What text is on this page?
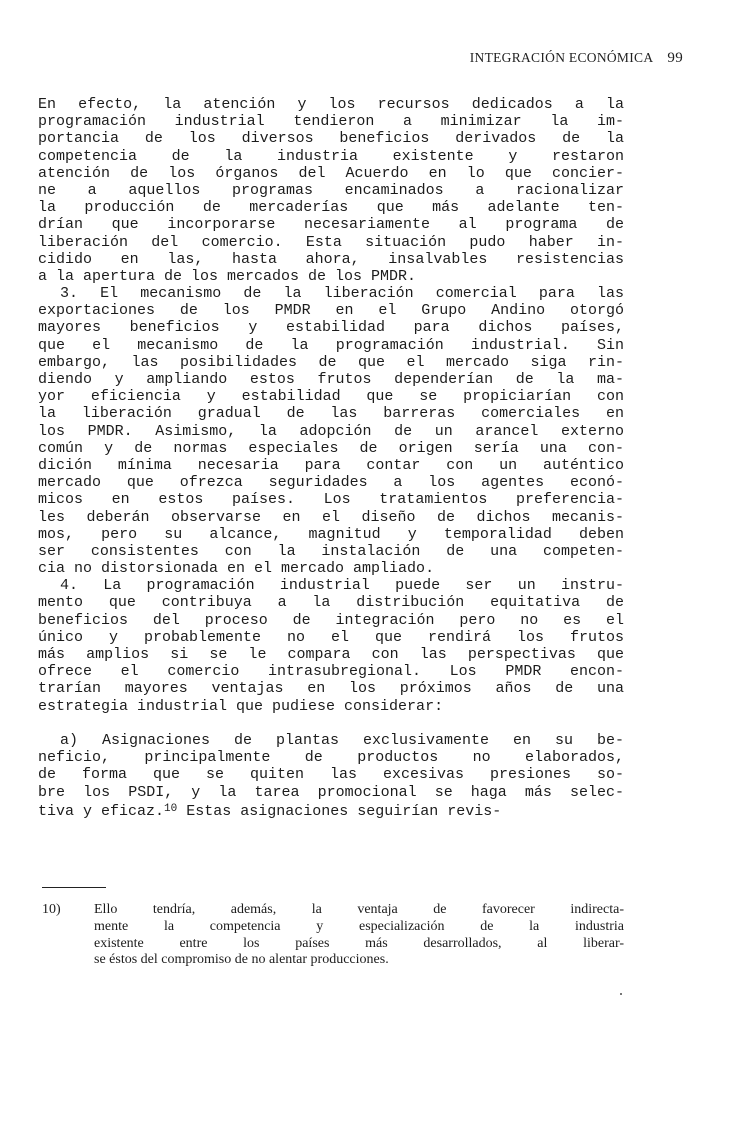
INTEGRACIÓN ECONÓMICA 99
En efecto, la atención y los recursos dedicados a la
programación industrial tendieron a minimizar la im-
portancia de los diversos beneficios derivados de la
competencia de la industria existente y restaron
atención de los órganos del Acuerdo en lo que concier-
ne a aquellos programas encaminados a racionalizar
la producción de mercaderías que más adelante ten-
drían que incorporarse necesariamente al programa de
liberación del comercio. Esta situación pudo haber in-
cidido en las, hasta ahora, insalvables resistencias
a la apertura de los mercados de los PMDR.
3. El mecanismo de la liberación comercial para las
exportaciones de los PMDR en el Grupo Andino otorgó
mayores beneficios y estabilidad para dichos países,
que el mecanismo de la programación industrial. Sin
embargo, las posibilidades de que el mercado siga rin-
diendo y ampliando estos frutos dependerían de la ma-
yor eficiencia y estabilidad que se propiciarían con
la liberación gradual de las barreras comerciales en
los PMDR. Asimismo, la adopción de un arancel externo
común y de normas especiales de origen sería una con-
dición mínima necesaria para contar con un auténtico
mercado que ofrezca seguridades a los agentes econó-
micos en estos países. Los tratamientos preferencia-
les deberán observarse en el diseño de dichos mecanis-
mos, pero su alcance, magnitud y temporalidad deben
ser consistentes con la instalación de una competen-
cia no distorsionada en el mercado ampliado.
4. La programación industrial puede ser un instru-
mento que contribuya a la distribución equitativa de
beneficios del proceso de integración pero no es el
único y probablemente no el que rendirá los frutos
más amplios si se le compara con las perspectivas que
ofrece el comercio intrasubregional. Los PMDR encon-
trarían mayores ventajas en los próximos años de una
estrategia industrial que pudiese considerar:

a) Asignaciones de plantas exclusivamente en su be-
neficio, principalmente de productos no elaborados,
de forma que se quiten las excesivas presiones so-
bre los PSDI, y la tarea promocional se haga más selec-
tiva y eficaz.$^{10}$ Estas asignaciones seguirían revis-
10) Ello tendría, además, la ventaja de favorecer indirecta-
mente la competencia y especialización de la industria
existente entre los países más desarrollados, al liberar-
se éstos del compromiso de no alentar producciones.
